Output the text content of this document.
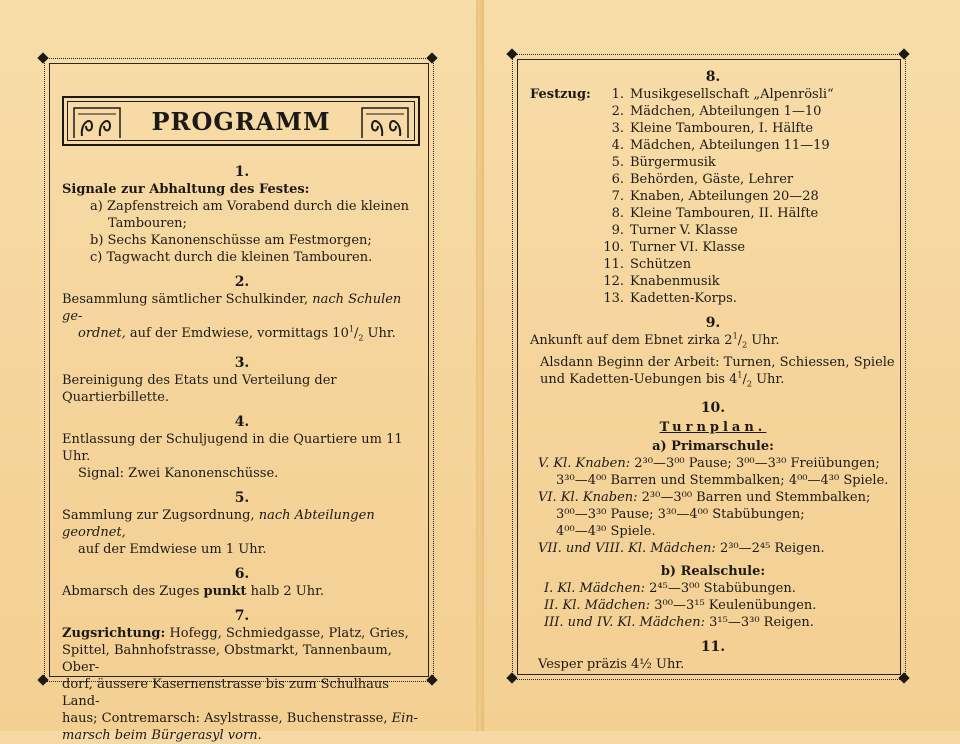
PROGRAMM
1.

Signale zur Abhaltung des Festes:

a) Zapfenstreich am Vorabend durch die kleinen

Tambouren;

b) Sechs Kanonenschüsse am Festmorgen;

c) Tagwacht durch die kleinen Tambouren.

2.

Besammlung sämtlicher Schulkinder, nach Schulen ge-

ordnet, auf der Emdwiese, vormittags $10^1/_2$ Uhr.

3.

Bereinigung des Etats und Verteilung der Quartierbillette.

4.

Entlassung der Schuljugend in die Quartiere um 11 Uhr.

Signal: Zwei Kanonenschüsse.

5.

Sammlung zur Zugsordnung, nach Abteilungen geordnet,

auf der Emdwiese um 1 Uhr.

6.

Abmarsch des Zuges punkt halb 2 Uhr.

7.

Zugsrichtung: Hofegg, Schmiedgasse, Platz, Gries,

Spittel, Bahnhofstrasse, Obstmarkt, Tannenbaum, Ober-

dorf, äussere Kasernenstrasse bis zum Schulhaus Land-

haus; Contremarsch: Asylstrasse, Buchenstrasse, Ein-

marsch beim Bürgerasyl vorn.

8.
Festzug:	1. Musikgesellschaft „Alpenrösli“
2. Mädchen, Abteilungen 1—10
3. Kleine Tambouren, I. Hälfte
4. Mädchen, Abteilungen 11—19
5. Bürgermusik
6. Behörden, Gäste, Lehrer
7. Knaben, Abteilungen 20—28
8. Kleine Tambouren, II. Hälfte
9. Turner V. Klasse
10. Turner VI. Klasse
11. Schützen
12. Knabenmusik
13. Kadetten-Korps.
9.

Ankunft auf dem Ebnet zirka $2^1/_2$ Uhr.

Alsdann Beginn der Arbeit: Turnen, Schiessen, Spiele

und Kadetten-Uebungen bis $4^1/_2$ Uhr.

10.

Turnplan.

a) Primarschule:

V. Kl. Knaben: 2³⁰—3⁰⁰ Pause; 3⁰⁰—3³⁰ Freiübungen;

3³⁰—4⁰⁰ Barren und Stemmbalken; 4⁰⁰—4³⁰ Spiele.

VI. Kl. Knaben: 2³⁰—3⁰⁰ Barren und Stemmbalken;

3⁰⁰—3³⁰ Pause; 3³⁰—4⁰⁰ Stabübungen;

4⁰⁰—4³⁰ Spiele.

VII. und VIII. Kl. Mädchen: 2³⁰—2⁴⁵ Reigen.

b) Realschule:

I. Kl. Mädchen: 2⁴⁵—3⁰⁰ Stabübungen.

II. Kl. Mädchen: 3⁰⁰—3¹⁵ Keulenübungen.

III. und IV. Kl. Mädchen: 3¹⁵—3³⁰ Reigen.

11.

Vesper präzis 4½ Uhr.
